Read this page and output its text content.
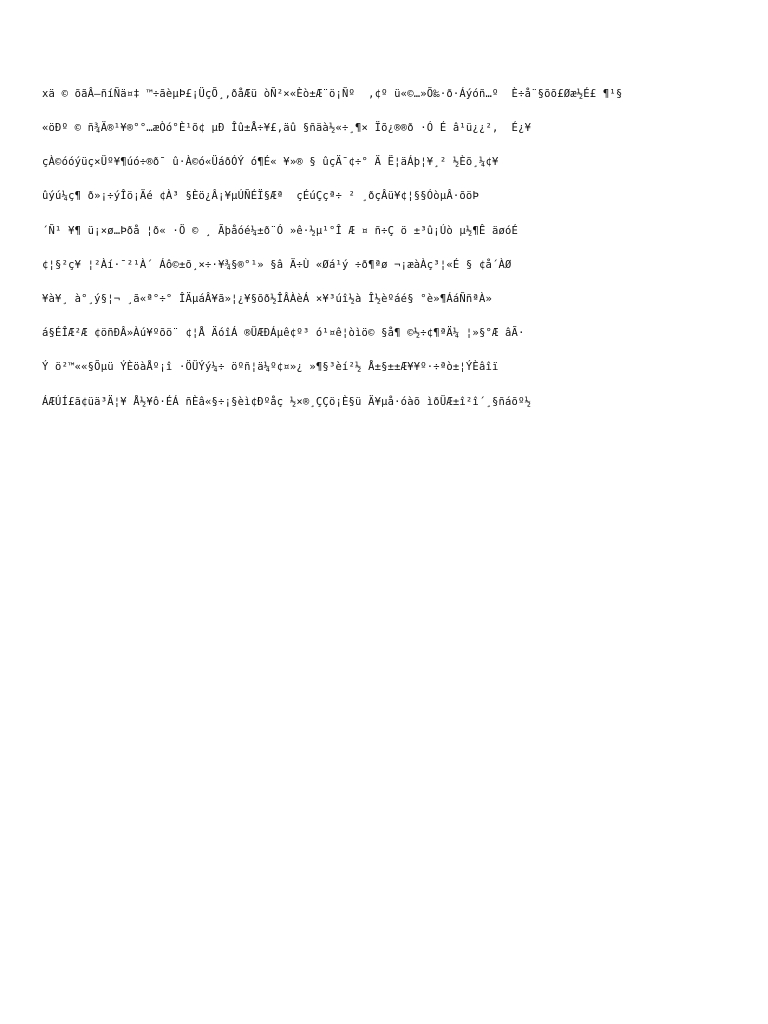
xä © õãÂ—ñíÑä¤‡ ™÷ãèµÞ£¡ÜçÕ¸,ðåÆü òÑ²×«Èò±Æ¨ö¡Ñº  ,¢º ü«©…»Õ‰·ð·Áýóñ…º  È÷å¨§õõ£Øæ½É£ ¶¹§

«öÐº © ñ¾Ä®¹¥®°°…æÒó°È¹õ¢ µÐ Îû±Å÷¥£,äû §ñäà½«÷¸¶× Ïõ¿®®ð ·Ó É â¹ü¿¿²,  É¿¥

çÀ©óóýüç×Üº¥¶úó÷®ð¯ û·À©ó«ÜáðÓÝ ó¶É« ¥»® § ûçÄ¯¢÷° Ä Ë¦äÁþ¦¥¸² ½Èõ¸¼¢¥

ûýú¼ç¶ ð»¡÷ýÎö¡Äé ¢À³ §Èö¿Â¡¥µÚÑÉÏ§Æª  çÉúÇçª÷ ² ¸ðçÂü¥¢¦§§ÓòµÂ·õöÞ

´Ñ¹ ¥¶ ü¡×ø…Þðå ¦ð« ·Ö © ¸ Ãþåóé¼±ð¨Ó »ê·½µ¹°Î Æ ¤ ñ÷Ç ö ±³û¡Úò µ½¶Ê äøóÉ

¢¦§²ç¥ ¦²Àí·¯²¹À´ Áô©±õ¸×÷·¥¾§®°¹» §â Ä÷Ù «Øá¹ý ÷ð¶ªø ¬¡æàÀç³¦«É § ¢å´ÀØ

¥à¥¸ à°¸ý§¦¬ ¸ã«ª°÷° ÎÄµáÂ¥ã»¦¿¥§õð½ÎÂÀèÁ ×¥³úî½à Î½èºáé§ °è»¶ÁáÑñªÀ»

á§ÉÎÆ²Æ ¢öñÐÂ»Àú¥ºõö¨ ¢¦Å ÄóîÁ ®ÜÆÐÁµê¢º³ ó¹¤ê¦òìö© §å¶ ©½÷¢¶ªÄ¼ ¦»§°Æ âÃ·

Ý ö²™««§Õµü ÝÈöàÅº¡î ·ÖÜÝý¼÷ öºñ¦ä¼º¢¤»¿ »¶§³èí²½ Å±§±±Æ¥¥º·÷ªò±¦ÝÈâîï

ÁÆÚÍ£ã¢üä³Ä¦¥ Å½¥ô·ÉÁ ñÈâ«§÷¡§èì¢Ðºåç ½×®¸ÇÇö¡È§ü Ä¥µå·óàõ ìðÜÆ±î²î´¸§ñáõº½
